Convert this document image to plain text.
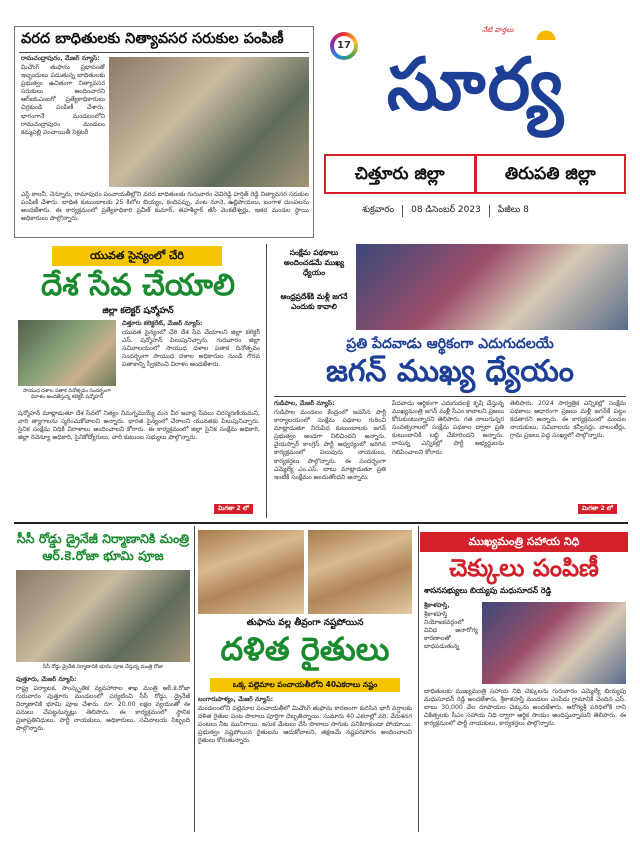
వరద బాధితులకు నిత్యావసర సరుకుల పంపిణీ
రామచంద్రాపురం, మేజర్ న్యూస్:
మిచౌంగ్ తుఫాను ప్రభావంతో ఇబ్బందులు పడుతున్న బాధితులకు ప్రభుత్వం ఉచితంగా నిత్యావసర సరుకులు అందించారని ఆర్ఐఓఎంఐగో ప్రత్యేకాధికారులు చిర్రకుండి పంపిణీ చేశారు. భాగంగానే మండలంలోని రామచంద్రాపురం మండలం కమ్మపల్లి పంచాయితీ సెక్రటరీ
ఎస్టీ కాలనీ, నెన్నూరు, రామాపురం పంచాయతీల్లోని వరద బాధితులకు గురువారం చెవిరెడ్డి హర్షిత్ రెడ్డి నిత్యావసర సరుకుల పంపిణీ చేశారు. బాధిత కుటుంబాలకు 25 కిలోల బియ్యం, కందిపప్పు, వంట నూనె, ఉల్లిపాయలు, బంగాళ దుంపలను అందజేశారు. ఈ కార్యక్రమంలో ప్రత్యేకాధికారి ప్రవీణ్ కుమార్, తహశీల్దార్ జీసీ వెంకటేశ్వర్లు, ఇతర మండల స్థాయి అధికారులు పాల్గొన్నారు.
17
నేటి వార్తలు
సూర్య
చిత్తూరు జిల్లా	తిరుపతి జిల్లా
శుక్రవారం	08 డిసెంబర్ 2023	పేజీలు 8
యువత సైన్యంలో చేరి
దేశ సేవ చేయాలి
జిల్లా కలెక్టర్ షన్మోహన్
సాయుధ దళాల పతాక దినోత్సవం సందర్భంగా విరాళం అందజేస్తున్న కలెక్టర్ షన్మోహన్
చిత్తూరు కలెక్టరేట్, మేజర్ న్యూస్:
యువత సైన్యంలో చేరి దేశ సేవ చేయాలని జిల్లా కలెక్టర్ ఎస్. షన్మోహన్ పిలుపునిచ్చారు. గురువారం జిల్లా సచివాలయంలో సాయుధ దళాల పతాక దినోత్సవం సందర్భంగా సాయుధ దళాల అధికారుల నుండి గౌరవ పతాకాన్ని స్వీకరించి విరాళం అందజేశారు.
షన్మోహన్ మాట్లాడుతూ దేశ సేవలో నిత్యం నిమగ్నమయ్యే మన వీర జవాన్ల సేవలు చిరస్మరణీయమని, వారి త్యాగాలను స్మరించుకోవాలని అన్నారు. భారత సైన్యంలో చేరాలని యువతకు పిలుపునిచ్చారు. సైనిక సంక్షేమ నిధికి విరాళాలు అందించాలని కోరారు. ఈ కార్యక్రమంలో జిల్లా సైనిక సంక్షేమ అధికారి, జిల్లా రెవెన్యూ అధికారి, సైనికోద్యోగులు, వారి కుటుంబ సభ్యులు పాల్గొన్నారు.
మిగతా 2 లో
సంక్షేమ పథకాలు అందించడమే ముఖ్య ధ్యేయం
ఆంధ్రప్రదేశ్‌కి మళ్లీ జగనే ఎందుకు కావాలి
ప్రతి పేదవాడు ఆర్థికంగా ఎదుగుదలయే
జగన్ ముఖ్య ధ్యేయం
గుడిపాల, మేజర్ న్యూస్:
గుడిపాల మండలం కేంద్రంలో జనసేన పార్టీ కార్యాలయంలో సంక్షేమ పథకాల గురించి మాట్లాడుతూ నిరుపేద కుటుంబాలకు జగన్ ప్రభుత్వం అండగా నిలిచిందని అన్నారు. వైయస్సార్ కాంగ్రెస్ పార్టీ ఆధ్వర్యంలో జరిగిన కార్యక్రమంలో పలువురు నాయకులు, కార్యకర్తలు పాల్గొన్నారు. ఈ సందర్భంగా ఎమ్మెల్యే ఎం.ఎస్. బాబు మాట్లాడుతూ ప్రతి ఇంటికి సంక్షేమం అందుతోందని అన్నారు.
పేదవాడు ఆర్థికంగా ఎదుగుదలకై కృషి చేస్తున్న ముఖ్యమంత్రి జగన్ మళ్లీ సీఎం కావాలని ప్రజలు కోరుకుంటున్నారని తెలిపారు. గత నాలుగున్నర సంవత్సరాలలో సంక్షేమ పథకాల ద్వారా ప్రతి కుటుంబానికి లబ్ధి చేకూరిందని అన్నారు. రానున్న ఎన్నికల్లో పార్టీ అభ్యర్థులను గెలిపించాలని కోరారు.
తెలిపారు. 2024 సార్వత్రిక ఎన్నికల్లో సంక్షేమ పథకాలు ఆధారంగా ప్రజలు మళ్లీ జగన్‌కే పట్టం కడతారని అన్నారు. ఈ కార్యక్రమంలో మండల నాయకులు, సచివాలయ కన్వీనర్లు, వాలంటీర్లు, గ్రామ ప్రజలు పెద్ద సంఖ్యలో పాల్గొన్నారు.
మిగతా 2 లో
సీసీ రోడ్డు డ్రైనేజీ నిర్మాణానికి మంత్రి ఆర్.కె.రోజా భూమి పూజ
సీసీ రోడ్డు డ్రైనేజీ నిర్మాణానికి భూమి పూజ చేస్తున్న మంత్రి రోజా
పుత్తూరు, మేజర్ న్యూస్:
రాష్ట్ర పర్యాటక, సాంస్కృతిక వ్యవహారాల శాఖ మంత్రి ఆర్.కె.రోజా గురువారం పుత్తూరు మండలంలో పర్యటించి సీసీ రోడ్డు, డ్రైనేజీ నిర్మాణానికి భూమి పూజ చేశారు. రూ. 20.00 లక్షల వ్యయంతో ఈ పనులు చేపట్టనున్నట్లు తెలిపారు. ఈ కార్యక్రమంలో స్థానిక ప్రజాప్రతినిధులు, పార్టీ నాయకులు, అధికారులు, సచివాలయ సిబ్బంది పాల్గొన్నారు.
తుఫాను వల్ల తీవ్రంగా నష్టపోయిన
దళిత రైతులు
ఒక్క పల్లెమాల పంచాయతీలోని 40ఎకరాలు నష్టం
బంగారుపాళ్యం, మేజర్ న్యూస్:
మండలంలోని పల్లెమాల పంచాయతీలో మిచౌంగ్ తుఫాను కారణంగా కురిసిన భారీ వర్షాలకు దళిత రైతుల పంట పొలాలు పూర్తిగా దెబ్బతిన్నాయి. సుమారు 40 ఎకరాల్లో వరి, వేరుశనగ పంటలు నీట మునిగాయి. ఇసుక మేటలు వేసి పొలాలు సాగుకు పనికిరాకుండా పోయాయి. ప్రభుత్వం నష్టపోయిన రైతులను ఆదుకోవాలని, తక్షణమే నష్టపరిహారం అందించాలని రైతులు కోరుతున్నారు.
ముఖ్యమంత్రి సహాయ నిధి
చెక్కులు పంపిణీ
శాసనసభ్యులు బియ్యపు మధుసూదన్ రెడ్డి
శ్రీకాళహస్తి,
శ్రీకాళహస్తి నియోజకవర్గంలో వివిధ అనారోగ్య కారణాలతో బాధపడుతున్న
బాధితులకు ముఖ్యమంత్రి సహాయ నిధి చెక్కులను గురువారం ఎమ్మెల్యే బియ్యపు మధుసూదన్ రెడ్డి అందజేశారు. శ్రీకాళహస్తి మండలం ఎంపేడు గ్రామానికి చెందిన ఎస్. బాబు 30,000 వేల రూపాయల చెక్కును అందజేశారు. ఆరోగ్యశ్రీ పరిధిలోకి రాని చికిత్సలకు సీఎం సహాయ నిధి ద్వారా ఆర్థిక సాయం అందిస్తున్నామని తెలిపారు. ఈ కార్యక్రమంలో పార్టీ నాయకులు, కార్యకర్తలు పాల్గొన్నారు.
